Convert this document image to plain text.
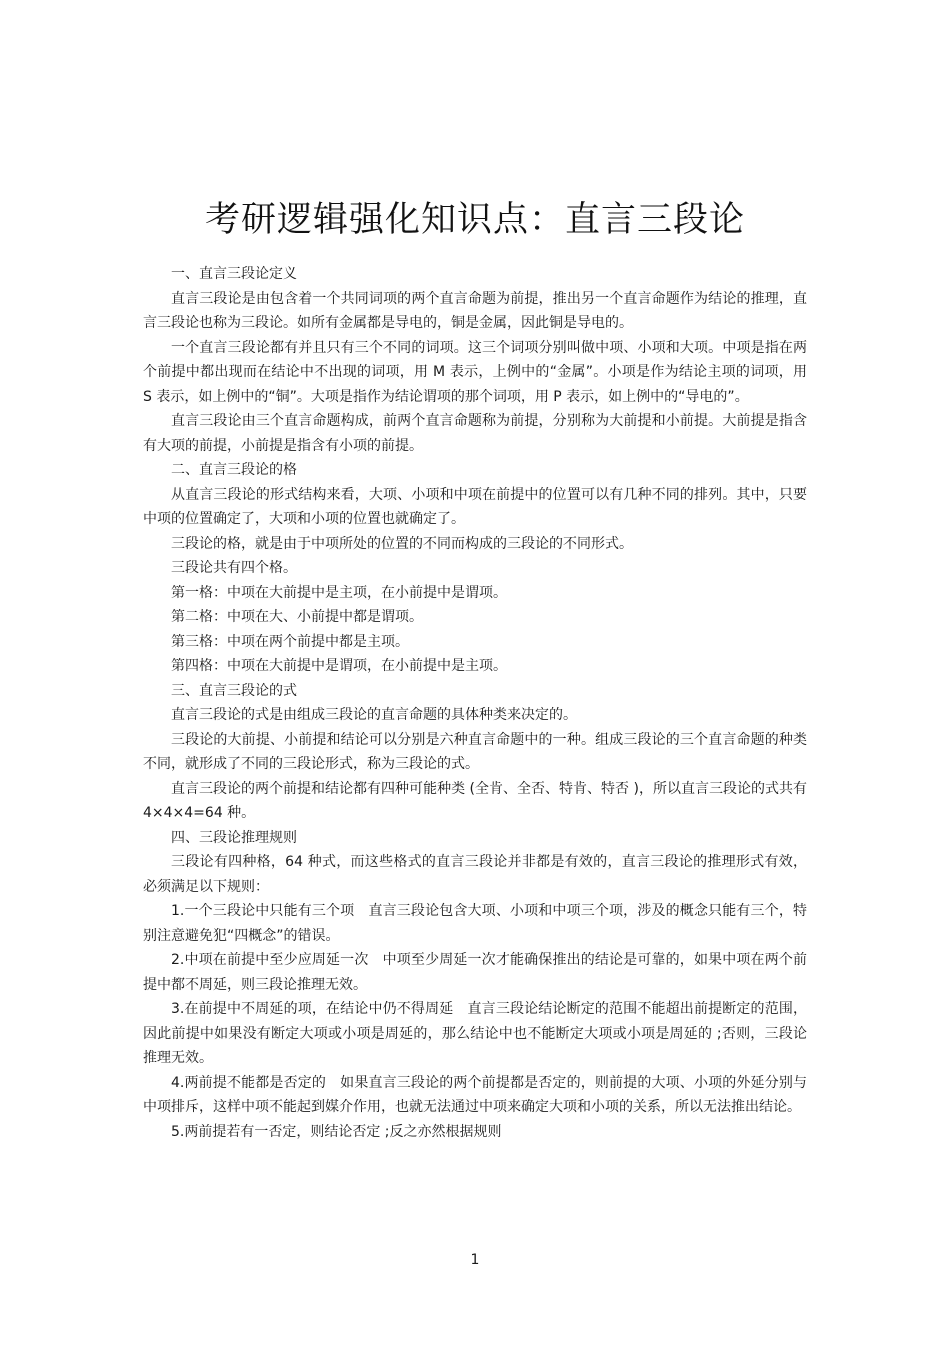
考研逻辑强化知识点：直言三段论

一、直言三段论定义

直言三段论是由包含着一个共同词项的两个直言命题为前提，推出另一个直言命题作为结论的推理，直言三段论也称为三段论。如所有金属都是导电的，铜是金属，因此铜是导电的。

一个直言三段论都有并且只有三个不同的词项。这三个词项分别叫做中项、小项和大项。中项是指在两个前提中都出现而在结论中不出现的词项，用 M 表示，上例中的“金属”。小项是作为结论主项的词项，用 S 表示，如上例中的“铜”。大项是指作为结论谓项的那个词项，用 P 表示，如上例中的“导电的”。

直言三段论由三个直言命题构成，前两个直言命题称为前提，分别称为大前提和小前提。大前提是指含有大项的前提，小前提是指含有小项的前提。

二、直言三段论的格

从直言三段论的形式结构来看，大项、小项和中项在前提中的位置可以有几种不同的排列。其中，只要中项的位置确定了，大项和小项的位置也就确定了。

三段论的格，就是由于中项所处的位置的不同而构成的三段论的不同形式。

三段论共有四个格。

第一格：中项在大前提中是主项，在小前提中是谓项。

第二格：中项在大、小前提中都是谓项。

第三格：中项在两个前提中都是主项。

第四格：中项在大前提中是谓项，在小前提中是主项。

三、直言三段论的式

直言三段论的式是由组成三段论的直言命题的具体种类来决定的。

三段论的大前提、小前提和结论可以分别是六种直言命题中的一种。组成三段论的三个直言命题的种类不同，就形成了不同的三段论形式，称为三段论的式。

直言三段论的两个前提和结论都有四种可能种类 (全肯、全否、特肯、特否 )，所以直言三段论的式共有 4×4×4=64 种。

四、三段论推理规则

三段论有四种格，64 种式，而这些格式的直言三段论并非都是有效的，直言三段论的推理形式有效，必须满足以下规则：

1.一个三段论中只能有三个项　直言三段论包含大项、小项和中项三个项，涉及的概念只能有三个，特别注意避免犯“四概念”的错误。

2.中项在前提中至少应周延一次　中项至少周延一次才能确保推出的结论是可靠的，如果中项在两个前提中都不周延，则三段论推理无效。

3.在前提中不周延的项，在结论中仍不得周延　直言三段论结论断定的范围不能超出前提断定的范围，因此前提中如果没有断定大项或小项是周延的，那么结论中也不能断定大项或小项是周延的 ;否则，三段论推理无效。

4.两前提不能都是否定的　如果直言三段论的两个前提都是否定的，则前提的大项、小项的外延分别与中项排斥，这样中项不能起到媒介作用，也就无法通过中项来确定大项和小项的关系，所以无法推出结论。

5.两前提若有一否定，则结论否定 ;反之亦然根据规则

1
